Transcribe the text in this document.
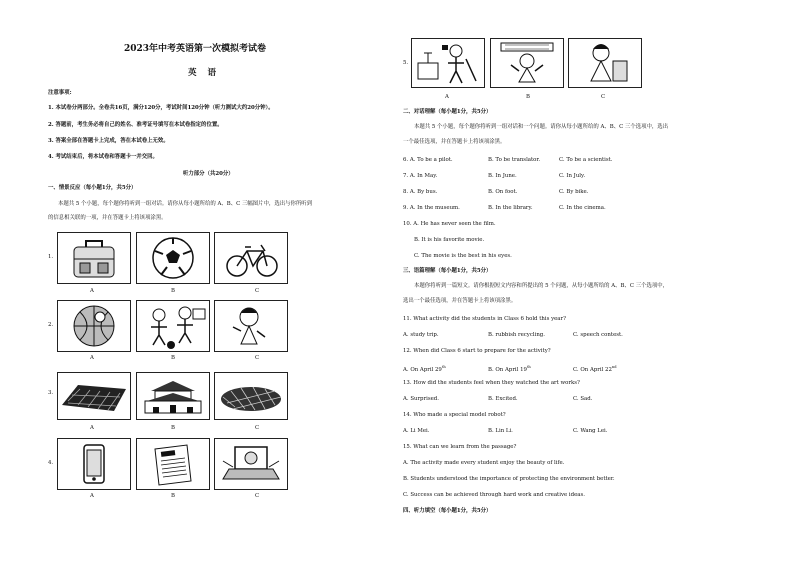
2023年中考英语第一次模拟考试卷
英 语
注意事项:
1. 本试卷分两部分。全卷共16页，满分120分，考试时间120分钟（听力测试大约20分钟）。
2. 答题前，考生务必将自己的姓名、准考证号填写在本试卷指定的位置。
3. 答案全部在答题卡上完成，答在本试卷上无效。
4. 考试结束后，将本试卷和答题卡一并交回。
听力部分（共20分）
一、情景反应（每小题1分，共5分）
本题共 5 个小题，每个题你将听到一组对话。请你从每小题所给的 A、B、C 三幅图片中，选出与你所听到
的信息相关联的一项，并在答题卡上将该项涂黑。
1.
A	B	C
2.
A	B	C
3.
A	B	C
4.
A	B	C
5.
A	B	C
二、对话理解（每小题1分，共5分）
本题共 5 个小题，每个题你将听到一组对话和一个问题。请你从每小题所给的 A、B、C 三个选项中，选出
一个最佳选项，并在答题卡上将该项涂黑。
6. A. To be a pilot.	B. To be translator.	C. To be a scientist.
7. A. In May.	B. In June.	C. In July.
8. A. By bus.	B. On foot.	C. By bike.
9. A. In the museum.	B. In the library.	C. In the cinema.
10. A. He has never seen the film.
B. It is his favorite movie.
C. The movie is the best in his eyes.
三、语篇理解（每小题1分，共5分）
本题你将听到一篇短文。请你根据短文内容和所提出的 5 个问题，从每小题所给的 A、B、C 三个选项中，
选出一个最佳选项，并在答题卡上将该项涂黑。
11. What activity did the students in Class 6 hold this year?
A. study trip.	B. rubbish recycling.	C. speech contest.
12. When did Class 6 start to prepare for the activity?
A. On April 29th	B. On April 19th	C. On April 22nd
13. How did the students feel when they watched the art works?
A. Surprised.	B. Excited.	C. Sad.
14. Who made a special model robot?
A. Li Mei.	B. Lin Li.	C. Wang Lei.
15. What can we learn from the passage?
A. The activity made every student enjoy the beauty of life.
B. Students understood the importance of protecting the environment better.
C. Success can be achieved through hard work and creative ideas.
四、听力填空（每小题1分，共5分）
